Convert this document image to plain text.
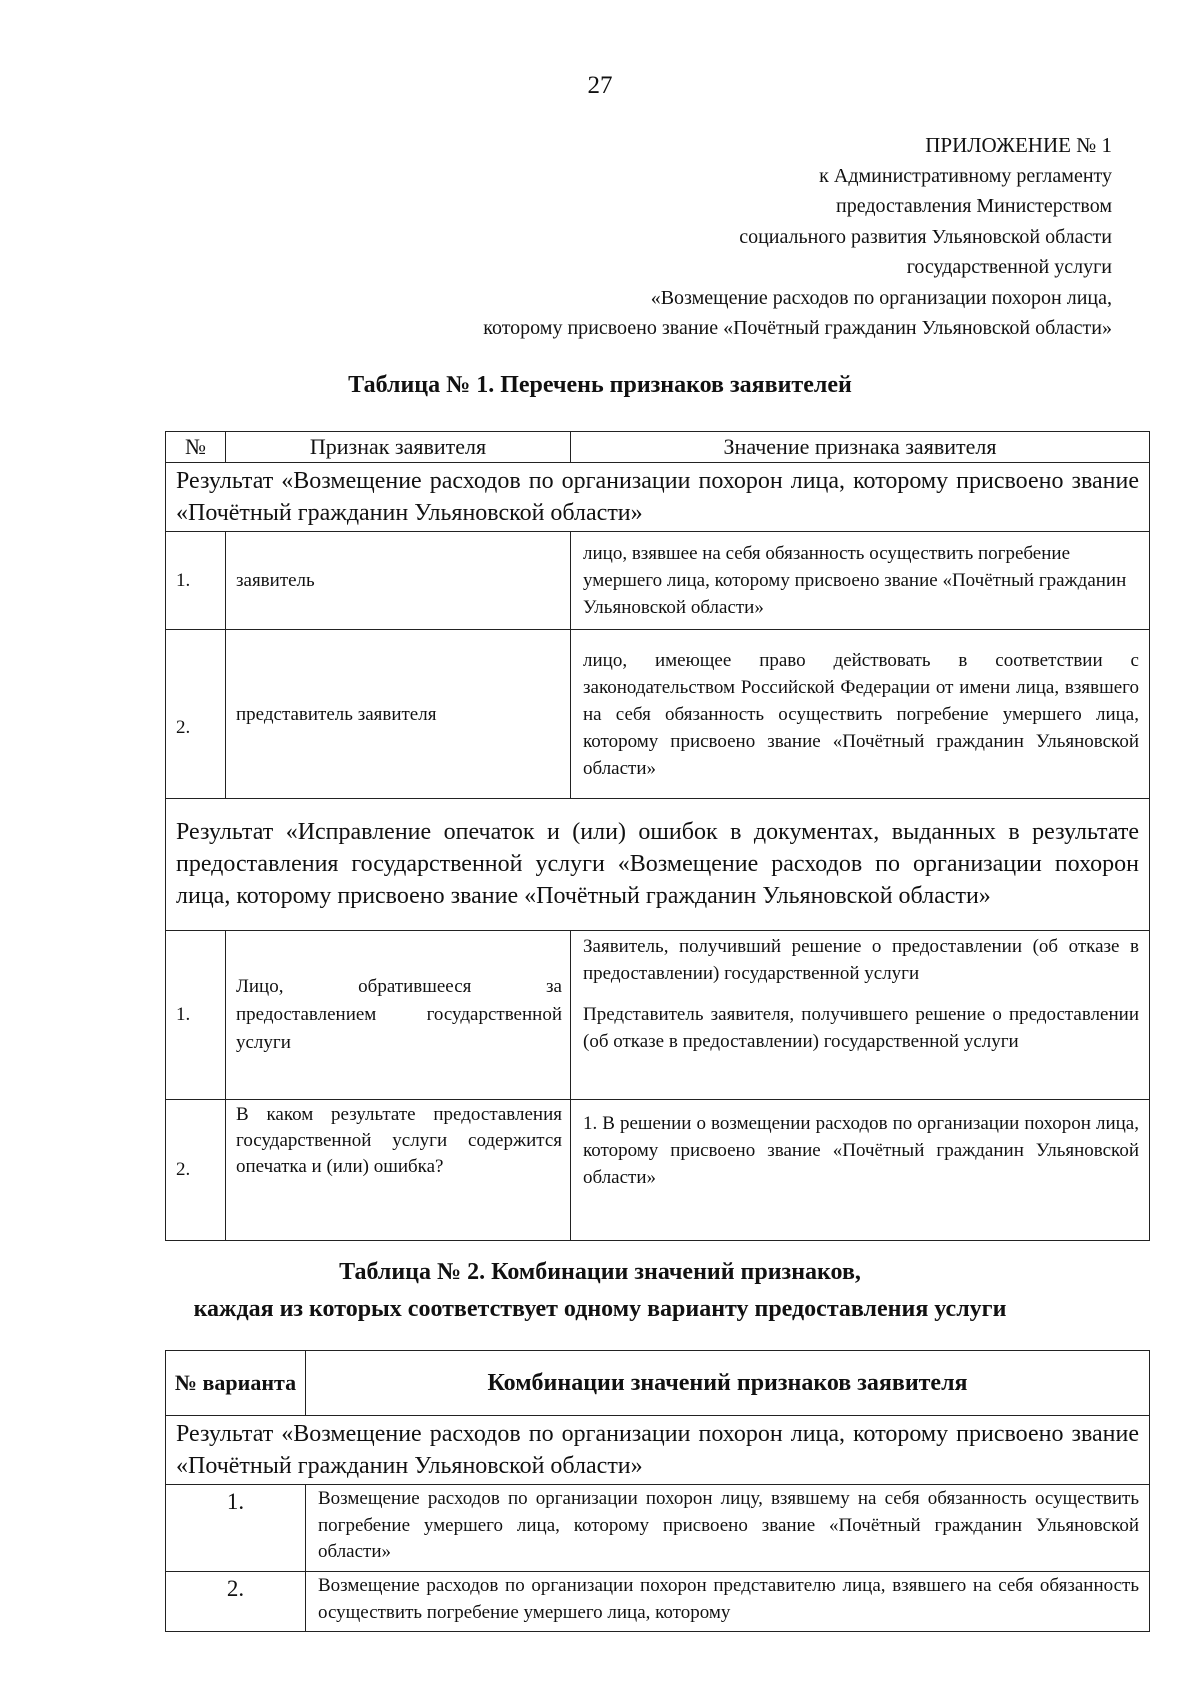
27
ПРИЛОЖЕНИЕ № 1
к Административному регламенту
предоставления Министерством
социального развития Ульяновской области
государственной услуги
«Возмещение расходов по организации похорон лица,
которому присвоено звание «Почётный гражданин Ульяновской области»
Таблица № 1. Перечень признаков заявителей
№	Признак заявителя	Значение признака заявителя
Результат «Возмещение расходов по организации похорон лица, которому присвоено звание «Почётный гражданин Ульяновской области»		
1.	заявитель	лицо, взявшее на себя обязанность осуществить погребение умершего лица, которому присвоено звание «Почётный гражданин Ульяновской области»
2.	представитель заявителя	лицо, имеющее право действовать в соответствии с законодательством Российской Федерации от имени лица, взявшего на себя обязанность осуществить погребение умершего лица, которому присвоено звание «Почётный гражданин Ульяновской области»
Результат «Исправление опечаток и (или) ошибок в документах, выданных в результате предоставления государственной услуги «Возмещение расходов по организации похорон лица, которому присвоено звание «Почётный гражданин Ульяновской области»		
1.	Лицо, обратившееся за предоставлением государственной услуги	Заявитель, получивший решение о предоставлении (об отказе в предоставлении) государственной услуги
Представитель заявителя, получившего решение о предоставлении (об отказе в предоставлении) государственной услуги

2.	В каком результате предоставления государственной услуги содержится опечатка и (или) ошибка?	1. В решении о возмещении расходов по организации похорон лица, которому присвоено звание «Почётный гражданин Ульяновской области»
Таблица № 2. Комбинации значений признаков,
каждая из которых соответствует одному варианту предоставления услуги
№ варианта	Комбинации значений признаков заявителя
Результат «Возмещение расходов по организации похорон лица, которому присвоено звание «Почётный гражданин Ульяновской области»	
1.	Возмещение расходов по организации похорон лицу, взявшему на себя обязанность осуществить погребение умершего лица, которому присвоено звание «Почётный гражданин Ульяновской области»
2.	Возмещение расходов по организации похорон представителю лица, взявшего на себя обязанность осуществить погребение умершего лица, которому
